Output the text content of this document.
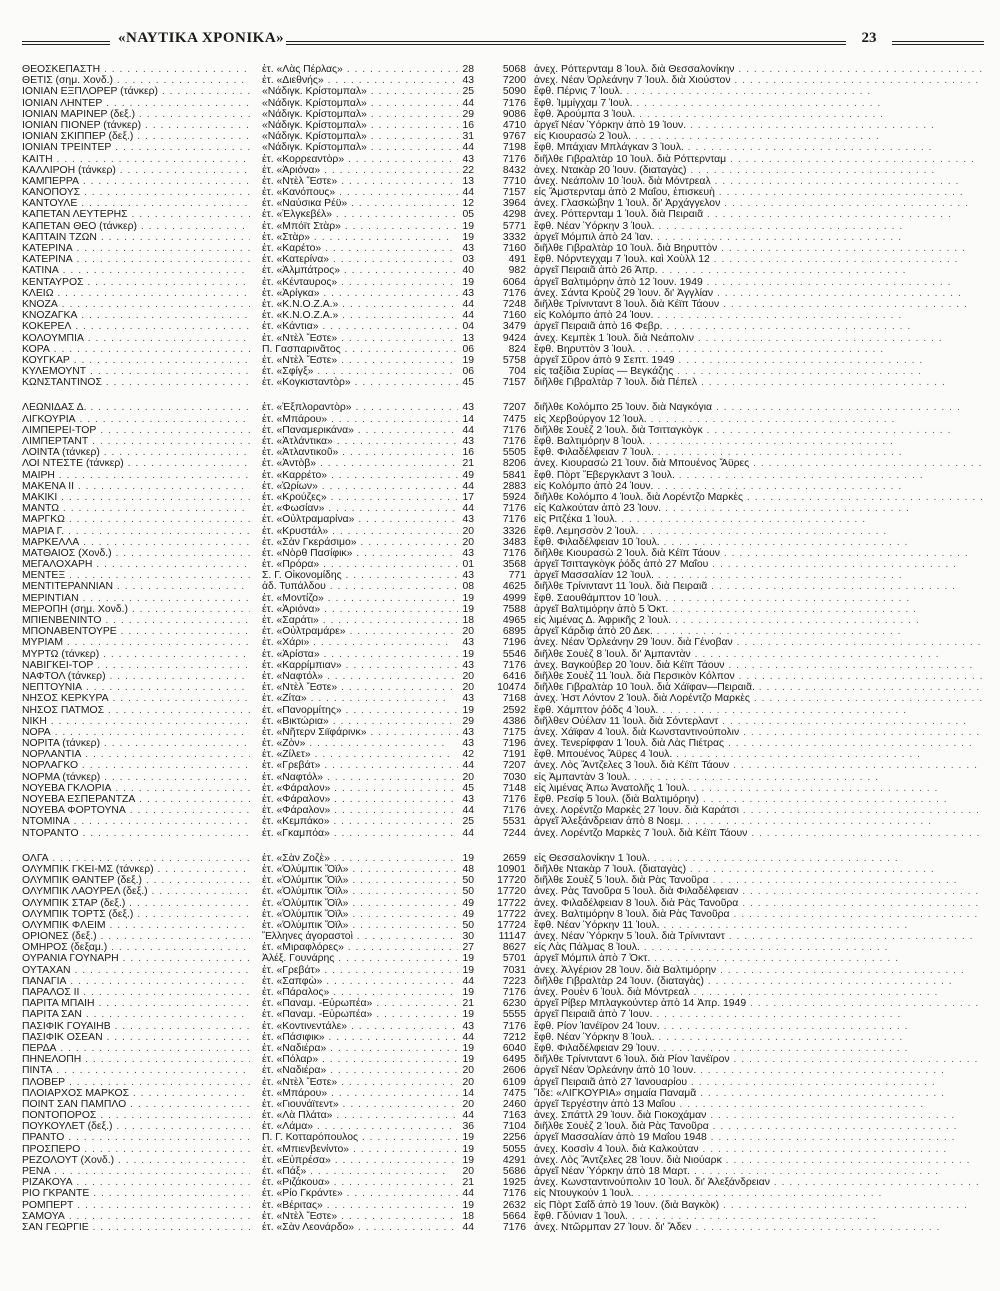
«ΝΑΥΤΙΚΑ ΧΡΟΝΙΚΑ»	23
ΘΕΟΣΚΕΠΑΣΤΗ . . .	ἐτ. «Λὰς Πέρλας» . . .	28	5068 ἀνεχ. Ρόττερνταμ 8 Ἰουλ. διὰ Θεσσαλονίκην . . .
ΘΕΤΙΣ (σημ. Χονδ.) . . .	ἐτ. «Διεθνής» . . .	43	7200 ἀνεχ. Νέαν Ὀρλεάνην 7 Ἰουλ. διὰ Χιούστον . . .
ΙΟΝΙΑΝ ΕΞΠΛΟΡΕΡ (τάνκερ) . . .	«Νάδιγκ. Κρίστομπαλ» . . .	25	5090 ἔφθ. Πέρνις 7 Ἰουλ. . . .
ΙΟΝΙΑΝ ΛΗΝΤΕΡ . . .	«Νάδιγκ. Κρίστομπαλ» . . .	44	7176 ἔφθ. Ἰμμίγχαμ 7 Ἰουλ. . . .
ΙΟΝΙΑΝ ΜΑΡΙΝΕΡ (δεξ.) . . .	«Νάδιγκ. Κρίστομπαλ» . . .	29	9086 ἔφθ. Ἀρούμπα 3 Ἰουλ. . . .
ΙΟΝΙΑΝ ΠΙΟΝΕΡ (τάνκερ) . . .	«Νάδιγκ. Κρίστομπαλ» . . .	16	4710 ἀργεῖ Νέαν Ὑόρκην ἀπὸ 19 Ἰουν. . . .
ΙΟΝΙΑΝ ΣΚΙΠΠΕΡ (δεξ.) . . .	«Νάδιγκ. Κρίστομπαλ» . . .	31	9767 εἰς Κιουρασὼ 2 Ἰουλ. . . .
ΙΟΝΙΑΝ ΤΡΕΙΝΤΕΡ . . .	«Νάδιγκ. Κρίστομπαλ» . . .	44	7198 ἔφθ. Μπάχιαν Μπλάγκαν 3 Ἰουλ. . . .
ΚΑΙΤΗ . . .	ἐτ. «Κορρεαντὸρ» . . .	43	7176 διῆλθε Γιβραλτὰρ 10 Ἰουλ. διὰ Ρόττερνταμ . . .
ΚΑΛΛΙΡΟΗ (τάνκερ) . . .	ἐτ. «Ἀριόνα» . . .	22	8432 ἀνεχ. Ντακὰρ 20 Ἰουν. (διαταγὰς) . . .
ΚΑΜΠΕΡΡΑ . . .	ἐτ. «Ντὲλ Ἔστε» . . .	13	7710 ἀνεχ. Νεάπολιν 10 Ἰουλ. διὰ Μόντρεαλ . . .
ΚΑΝΟΠΟΥΣ . . .	ἐτ. «Κανόπους» . . .	44	7157 εἰς Ἄμστερνταμ ἀπὸ 2 Μαΐου, ἐπισκευὴ . . .
ΚΑΝΤΟΥΛΕ . . .	ἐτ. «Ναύσικα Ρέϋ» . . .	12	3964 ἀνεχ. Γλασκώβην 1 Ἰουλ. δι' Ἀρχάγγελον . . .
ΚΑΠΕΤΑΝ ΛΕΥΤΕΡΗΣ . . .	ἐτ. «Ἐλγκεβέλ» . . .	05	4298 ἀνεχ. Ρόττερνταμ 1 Ἰουλ. διὰ Πειραιᾶ . . .
ΚΑΠΕΤΑΝ ΘΕΟ (τάνκερ) . . .	ἐτ. «Μπόϊτ Στὰρ» . . .	19	5771 ἔφθ. Νέαν Ὑόρκην 3 Ἰουλ. . . .
ΚΑΠΤΑΙΝ ΤΖΩΝ . . .	ἐτ. «Στὰρ» . . .	19	3332 ἀργεῖ Μόμπιλ ἀπὸ 24 Ἰαν. . . .
ΚΑΤΕΡΙΝΑ . . .	ἐτ. «Καρέτο» . . .	43	7160 διῆλθε Γιβραλτὰρ 10 Ἰουλ. διὰ Βηρυττὸν . . .
ΚΑΤΕΡΙΝΑ . . .	ἐτ. «Κατερίνα» . . .	03	491 ἔφθ. Νόρντεγχαμ 7 Ἰουλ. καὶ Χοὺλλ 12 . . .
ΚΑΤΙΝΑ . . .	ἐτ. «Ἀλμπάτρος» . . .	40	982 ἀργεῖ Πειραιᾶ ἀπὸ 26 Ἀπρ. . . .
ΚΕΝΤΑΥΡΟΣ . . .	ἐτ. «Κένταυρος» . . .	19	6064 ἀργεῖ Βαλτιμόρην ἀπὸ 12 Ἰουν. 1949 . . .
ΚΛΕΙΩ . . .	ἐτ. «Ἀρίγκα» . . .	43	7176 ἀνεχ. Σάντα Κροὺζ 29 Ἰουν. δι' Ἀγγλίαν . . .
ΚΝΟΖΑ . . .	ἐτ. «Κ.Ν.Ο.Ζ.Α.» . . .	44	7248 διῆλθε Τρίνινταντ 8 Ἰουλ. διὰ Κέϊπ Τάουν . . .
ΚΝΟΖΑΓΚΑ . . .	ἐτ. «Κ.Ν.Ο.Ζ.Α.» . . .	44	7160 εἰς Κολόμπο ἀπὸ 24 Ἰουν. . . .
ΚΟΚΕΡΕΛ . . .	ἐτ. «Κάντια» . . .	04	3479 ἀργεῖ Πειραιᾶ ἀπὸ 16 Φεβρ. . . .
ΚΟΛΟΥΜΠΙΑ . . .	ἐτ. «Ντὲλ Ἔστε» . . .	13	9424 ἀνεχ. Κεμπὲκ 1 Ἰουλ. διὰ Νεάπολιν . . .
ΚΟΡΑ . . .	Π. Γασπαρινᾶτος . . .	06	824 ἔφθ. Βηρυττὸν 3 Ἰουλ. . . .
ΚΟΥΓΚΑΡ . . .	ἐτ. «Ντὲλ Ἔστε» . . .	19	5758 ἀργεῖ Σῦρον ἀπὸ 9 Σεπτ. 1949 . . .
ΚΥΛΕΜΟΥΝΤ . . .	ἐτ. «Σφίγξ» . . .	06	704 εἰς ταξίδια Συρίας — Βεγκάζης . . .
ΚΩΝΣΤΑΝΤΙΝΟΣ . . .	ἐτ. «Κογκισταντὸρ» . . .	45	7157 διῆλθε Γιβραλτὰρ 7 Ἰουλ. διὰ Πέπελ . . .
ΛΕΩΝΙΔΑΣ Δ. . . .	ἐτ. «Ἐξπλοραντὸρ» . . .	43	7207 διῆλθε Κολόμπο 25 Ἰουν. διὰ Ναγκόγια . . .
ΛΙΓΚΟΥΡΙΑ . . .	ἐτ. «Μπάρου» . . .	14	7475 εἰς Χερβούργον 12 Ἰουλ. . . .
ΛΙΜΠΕΡΕΙ-ΤΟΡ . . .	ἐτ. «Παναμερικάνα» . . .	44	7176 διῆλθε Σουὲζ 2 Ἰουλ. διὰ Τσιτταγκὸγκ . . .
ΛΙΜΠΕΡΤΑΝΤ . . .	ἐτ. «Ἀτλάντικα» . . .	43	7176 ἔφθ. Βαλτιμόρην 8 Ἰουλ. . . .
ΛΟΙΝΤΑ (τάνκερ) . . .	ἐτ. «Ἀτλαντικοῦ» . . .	16	5505 ἔφθ. Φιλαδέλφειαν 7 Ἰουλ. . . .
ΛΟΙ ΝΤΕΣΤΕ (τάνκερ) . . .	ἐτ. «Ἀντὸβ» . . .	21	8206 ἀνεχ. Κιουρασὼ 21 Ἰουν. διὰ Μπουένος Ἄϋρες . . .
ΜΑΙΡΗ . . .	ἐτ. «Καρρέτο» . . .	49	5841 ἔφθ. Πὸρτ Ἔβεργκλαντ 3 Ἰουλ. . . .
ΜΑΚΕΝΑ ΙΙ . . .	ἐτ. «Ὡρίων» . . .	44	2883 εἰς Κολόμπο ἀπὸ 24 Ἰουν. . . .
ΜΑΚΙΚΙ . . .	ἐτ. «Κρούζες» . . .	17	5924 διῆλθε Κολόμπο 4 Ἰουλ. διὰ Λορέντζο Μαρκὲς . . .
ΜΑΝΤΩ . . .	ἐτ. «Φωσίαν» . . .	44	7176 εἰς Καλκούταν ἀπὸ 23 Ἰουν. . . .
ΜΑΡΓΚΩ . . .	ἐτ. «Οὐλτραμαρίνα» . . .	43	7176 εἰς Ριτζέκα 1 Ἰουλ. . . .
ΜΑΡΙΑ Γ. . . .	ἐτ. «Κρυστάλ» . . .	20	3326 ἔφθ. Λεμησσὸν 2 Ἰουλ. . . .
ΜΑΡΚΕΛΛΑ . . .	ἐτ. «Σὰν Γκεράσιμο» . . .	20	3483 ἔφθ. Φιλαδέλφειαν 10 Ἰουλ. . . .
ΜΑΤΘΑΙΟΣ (Χονδ.) . . .	ἐτ. «Νὸρθ Πασίφικ» . . .	43	7176 διῆλθε Κιουρασὼ 2 Ἰουλ. διὰ Κέϊπ Τάουν . . .
ΜΕΓΑΛΟΧΑΡΗ . . .	ἐτ. «Πρόρα» . . .	01	3568 ἀργεῖ Τσιτταγκὸγκ ῥόδς ἀπὸ 27 Μαΐου . . .
ΜΕΝΤΕΞ . . .	Σ. Γ. Οἰκονομίδης . . .	43	771 ἀργεῖ Μασσαλίαν 12 Ἰουλ. . . .
ΜΕΝΤΙΤΕΡΑΝΝΙΑΝ . . .	ἀδ. Τυπάλδου . . .	08	4625 διῆλθε Τρίνινταντ 11 Ἰουλ. διὰ Πειραιᾶ . . .
ΜΕΡΙΝΤΙΑΝ . . .	ἐτ. «Μοντίζο» . . .	19	4999 ἔφθ. Σαουθάμπτον 10 Ἰουλ. . . .
ΜΕΡΟΠΗ (σημ. Χονδ.) . . .	ἐτ. «Ἀριόνα» . . .	19	7588 ἀργεῖ Βαλτιμόρην ἀπὸ 5 Ὀκτ. . . .
ΜΠΙΕΝΒΕΝΙΝΤΟ . . .	ἐτ. «Σαράτι» . . .	18	4965 εἰς λιμένας Δ. Ἀφρικῆς 2 Ἰουλ. . . .
ΜΠΟΝΑΒΕΝΤΟΥΡΕ . . .	ἐτ. «Οὐλτραμάρε» . . .	20	6895 ἀργεῖ Κάρδιφ ἀπὸ 20 Δεκ. . . .
ΜΥΡΙΑΜ . . .	ἐτ. «Χάρι» . . .	43	7196 ἀνεχ. Νέαν Ὀρλεάνην 29 Ἰουν. διὰ Γένοβαν . . .
ΜΥΡΤΩ (τάνκερ) . . .	ἐτ. «Ἀρίστα» . . .	19	5546 διῆλθε Σουὲζ 8 Ἰουλ. δι' Ἀμπαντὰν . . .
ΝΑΒΙΓΚΕΙ-ΤΟΡ . . .	ἐτ. «Καρρίμπιαν» . . .	43	7176 ἀνεχ. Βαγκούβερ 20 Ἰουν. διὰ Κέϊπ Τάουν . . .
ΝΑΦΤΟΛ (τάνκερ) . . .	ἐτ. «Ναφτόλ» . . .	20	6416 διῆλθε Σουὲζ 11 Ἰουλ. διὰ Περσικὸν Κόλπον . . .
ΝΕΠΤΟΥΝΙΑ . . .	ἐτ. «Ντὲλ Ἔστε» . . .	20	10474 διῆλθε Γιβραλτὰρ 10 Ἰουλ. διὰ Χάϊφαν—Πειραιᾶ. . . .
ΝΗΣΟΣ ΚΕΡΚΥΡΑ . . .	ἐτ. «Ζίτα» . . .	43	7168 ἀνεχ. Ἠστ Λόντον 2 Ἰουλ. διὰ Λορέντζο Μαρκὲς . . .
ΝΗΣΟΣ ΠΑΤΜΟΣ . . .	ἐτ. «Πανορμίτης» . . .	19	2592 ἔφθ. Χάμπτον ῥόδς 4 Ἰουλ. . . .
ΝΙΚΗ . . .	ἐτ. «Βικτώρια» . . .	29	4386 διῆλθεν Οὐέλαν 11 Ἰουλ. διὰ Σόντερλαντ . . .
ΝΟΡΑ . . .	ἐτ. «Νῆτερν Σιϊφάρινκ» . . .	43	7175 ἀνεχ. Χάϊφαν 4 Ἰουλ. διὰ Κωνσταντινούπολιν . . .
ΝΟΡΙΤΑ (τάνκερ) . . .	ἐτ. «Ζὸν» . . .	43	7196 ἀνεχ. Τενερίφφαν 1 Ἰουλ. διὰ Λὰς Πιέτρας . . .
ΝΟΡΛΑΝΤΙΑ . . .	ἐτ. «Ζίλετ» . . .	42	7191 ἔφθ. Μπουένος Ἄϋρες 4 Ἰουλ. . . .
ΝΟΡΛΑΓΚΟ . . .	ἐτ. «Γρεβάτ» . . .	44	7207 ἀνεχ. Λὸς Ἄντζελες 3 Ἰουλ. διὰ Κέϊπ Τάουν . . .
ΝΟΡΜΑ (τάνκερ) . . .	ἐτ. «Ναφτόλ» . . .	20	7030 εἰς Ἀμπαντὰν 3 Ἰουλ. . . .
ΝΟΥΕΒΑ ΓΚΛΟΡΙΑ . . .	ἐτ. «Φάραλον» . . .	45	7148 εἰς λιμένας Ἀπω Ἀνατολῆς 1 Ἰουλ. . . .
ΝΟΥΕΒΑ ΕΣΠΕΡΑΝΤΖΑ . . .	ἐτ. «Φάραλον» . . .	43	7176 ἔφθ. Ρεσίφ 5 Ἰουλ. (διὰ Βαλτιμόρην) . . .
ΝΟΥΕΒΑ ΦΟΡΤΟΥΝΑ . . .	ἐτ. «Φάραλον» . . .	44	7176 ἀνεχ. Λορέντζο Μαρκὲς 27 Ἰουν. διὰ Καράτσι . . .
ΝΤΟΜΙΝΑ . . .	ἐτ. «Κεμπάκο» . . .	25	5531 ἀργεῖ Ἀλεξάνδρειαν ἀπὸ 8 Νοεμ. . . .
ΝΤΟΡΑΝΤΟ . . .	ἐτ. «Γκαμπόα» . . .	44	7244 ἀνεχ. Λορέντζο Μαρκὲς 7 Ἰουλ. διὰ Κέϊπ Τάουν . . .
ΟΛΓΑ . . .	ἐτ. «Σὰν Ζοζὲ» . . .	19	2659 εἰς Θεσσαλονίκην 1 Ἰουλ. . . .
ΟΛΥΜΠΙΚ ΓΚΕΙ-ΜΣ (τάνκερ) . . .	ἐτ. «Ὀλύμπικ Ὄϊλ» . . .	48	10901 διῆλθε Ντακὰρ 7 Ἰουλ. (διαταγὰς) . . .
ΟΛΥΜΠΙΚ ΘΑΝΤΕΡ (δεξ.) . . .	ἐτ. «Ὀλύμπικ Ὄϊλ» . . .	50	17720 διῆλθε Σουὲζ 5 Ἰουλ. διὰ Ρὰς Τανοῦρα . . .
ΟΛΥΜΠΙΚ ΛΑΟΥΡΕΛ (δεξ.) . . .	ἐτ. «Ὀλύμπικ Ὄϊλ» . . .	50	17720 ἀνεχ. Ρὰς Τανοῦρα 5 Ἰουλ. διὰ Φιλαδέλφειαν . . .
ΟΛΥΜΠΙΚ ΣΤΑΡ (δεξ.) . . .	ἐτ. «Ὀλύμπικ Ὄϊλ» . . .	49	17722 ἀνεχ. Φιλαδέλφειαν 8 Ἰουλ. διὰ Ρὰς Τανοῦρα . . .
ΟΛΥΜΠΙΚ ΤΟΡΤΣ (δεξ.) . . .	ἐτ. «Ὀλύμπικ Ὄϊλ» . . .	49	17722 ἀνεχ. Βαλτιμόρην 8 Ἰουλ. διὰ Ρὰς Τανοῦρα . . .
ΟΛΥΜΠΙΚ ΦΛΕΙΜ . . .	ἐτ. «Ὀλύμπικ Ὄϊλ» . . .	50	17724 ἔφθ. Νέαν Ὑόρκην 11 Ἰουλ. . . .
ΟΡΙΟΝΕΣ (δεξ.) . . .	Ἕλληνες ἀγοραστοὶ . . .	30	11147 ἀνεχ. Νέαν Ὑόρκην 5 Ἰουλ. διὰ Τρίνινταντ . . .
ΟΜΗΡΟΣ (δεξαμ.) . . .	ἐτ. «Μιραφλόρες» . . .	27	8627 εἰς Λὰς Πάλμας 8 Ἰουλ. . . .
ΟΥΡΑΝΙΑ ΓΟΥΝΑΡΗ . . .	Ἀλέξ. Γουνάρης . . .	19	5701 ἀργεῖ Μόμπιλ ἀπὸ 7 Ὀκτ. . . .
ΟΥΤΑΧΑΝ . . .	ἐτ. «Γρεβάτ» . . .	19	7031 ἀνεχ. Ἀλγέριον 28 Ἰουν. διὰ Βαλτιμόρην . . .
ΠΑΝΑΓΙΑ . . .	ἐτ. «Σαπφὼ» . . .	44	7223 διῆλθε Γιβραλτὰρ 24 Ἰουν. (διαταγὰς) . . .
ΠΑΡΑΛΟΣ ΙΙ . . .	ἐτ. «Πάραλος» . . .	19	7176 ἀνεχ. Ρουὲν 6 Ἰουλ. διὰ Μόντρεαλ . . .
ΠΑΡΙΤΑ ΜΠΑΙΗ . . .	ἐτ. «Παναμ. -Εὐρωπέα» . . .	21	6230 ἀργεῖ Ρίβερ Μπλαγκούντερ ἀπὸ 14 Ἀπρ. 1949 . . .
ΠΑΡΙΤΑ ΣΑΝ . . .	ἐτ. «Παναμ. -Εὐρωπέα» . . .	19	5555 ἀργεῖ Πειραιᾶ ἀπὸ 7 Ἰουν. . . .
ΠΑΣΙΦΙΚ ΓΟΥΑΙΗΒ . . .	ἐτ. «Κοντινεντάλε» . . .	43	7176 ἔφθ. Ρίον Ἰανέϊρον 24 Ἰουν. . . .
ΠΑΣΙΦΙΚ ΟΣΕΑΝ . . .	ἐτ. «Πάσιφικ» . . .	44	7212 ἔφθ. Νέαν Ὑόρκην 8 Ἰουλ. . . .
ΠΕΡΔΑ . . .	ἐτ. «Ναδιέρα» . . .	19	6040 ἔφθ. Φιλαδέλφειαν 29 Ἰουν. . . .
ΠΗΝΕΛΟΠΗ . . .	ἐτ. «Πόλαρ» . . .	19	6495 διῆλθε Τρίνινταντ 6 Ἰουλ. διὰ Ρίον Ἰανέϊρον . . .
ΠΙΝΤΑ . . .	ἐτ. «Ναδιέρα» . . .	20	2606 ἀργεῖ Νέαν Ὀρλεάνην ἀπὸ 10 Ἰουν. . . .
ΠΛΟΒΕΡ . . .	ἐτ. «Ντὲλ Ἔστε» . . .	20	6109 ἀργεῖ Πειραιᾶ ἀπὸ 27 Ἰανουαρίου . . .
ΠΛΟΙΑΡΧΟΣ ΜΑΡΚΟΣ . . .	ἐτ. «Μπάρου» . . .	14	7475 Ἴδε: «ΛΙΓΚΟΥΡΙΑ» σημαία Παναμᾶ . . .
ΠΟΙΝΤ ΣΑΝ ΠΑΜΠΛΟ . . .	ἐτ. «Γιουνάϊτεντ» . . .	20	2460 ἀργεῖ Τεργέστην ἀπὸ 13 Μαΐου . . .
ΠΟΝΤΟΠΟΡΟΣ . . .	ἐτ. «Λὰ Πλάτα» . . .	44	7163 ἀνεχ. Σπάττλ 29 Ἰουν. διὰ Γιοκοχάμαν . . .
ΠΟΥΚΟΥΛΕΤ (δεξ.) . . .	ἐτ. «Λάμα» . . .	36	7104 διῆλθε Σουὲζ 2 Ἰουλ. διὰ Ρὰς Τανοῦρα . . .
ΠΡΑΝΤΟ . . .	Π. Γ. Κοτταρόπουλος . . .	19	2256 ἀργεῖ Μασσαλίαν ἀπὸ 19 Μαΐου 1948 . . .
ΠΡΟΣΠΕΡΟ . . .	ἐτ. «Μπιενβενίντο» . . .	19	5055 ἀνεχ. Κοσσὶν 4 Ἰουλ. διὰ Καλκούταν . . .
ΡΕΖΟΛΟΥΤ (Χονδ.) . . .	ἐτ. «Εὐπρέσα» . . .	19	4291 ἀνεχ. Λὸς Ἄντζελες 28 Ἰουν. διὰ Νιούαρκ . . .
ΡΕΝΑ . . .	ἐτ. «Πάξ» . . .	20	5686 ἀργεῖ Νέαν Ὑόρκην ἀπὸ 18 Μαρτ. . . .
ΡΙΖΑΚΟΥΑ . . .	ἐτ. «Ριζάκουα» . . .	21	1925 ἀνεχ. Κωνσταντινούπολιν 10 Ἰουλ. δι' Ἀλεξάνδρειαν . . .
ΡΙΟ ΓΚΡΑΝΤΕ . . .	ἐτ. «Ρίο Γκράντε» . . .	44	7176 εἰς Ντουγκούν 1 Ἰουλ. . . .
ΡΟΜΠΕΡΤ . . .	ἐτ. «Βέριτας» . . .	19	2632 εἰς Πὸρτ Σαΐδ ἀπὸ 19 Ἰουν. (διὰ Βαγκὸκ) . . .
ΣΑΜΟΥΑ . . .	ἐτ. «Ντὲλ Ἔστε» . . .	18	5664 ἔφθ. Γδύνιαν 1 Ἰουλ. . . .
ΣΑΝ ΓΕΩΡΓΙΕ . . .	ἐτ. «Σὰν Λεονάρδο» . . .	44	7176 ἀνεχ. Ντῶρμπαν 27 Ἰουν. δι' Ἄδεν . . .
